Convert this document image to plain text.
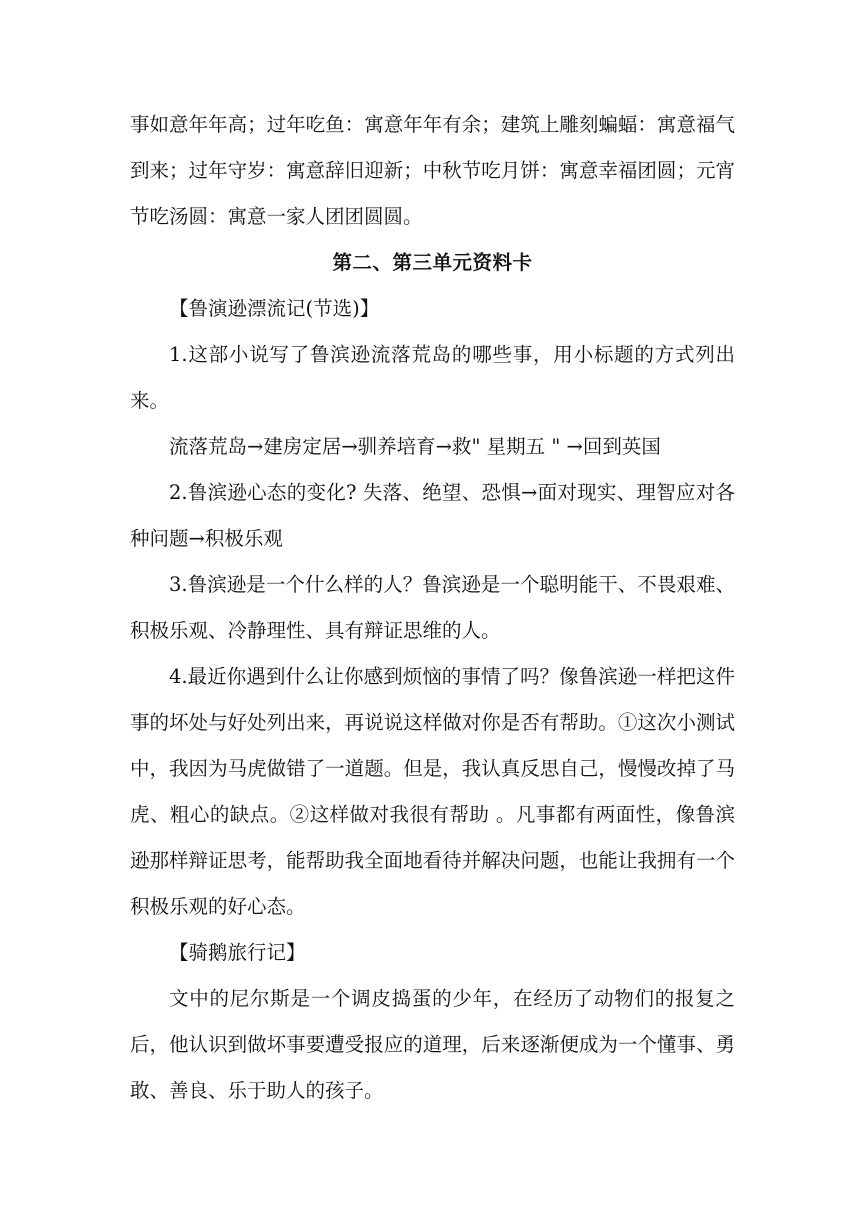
事如意年年高；过年吃鱼：寓意年年有余；建筑上雕刻蝙蝠：寓意福气到来；过年守岁：寓意辞旧迎新；中秋节吃月饼：寓意幸福团圆；元宵节吃汤圆：寓意一家人团团圆圆。

第二、第三单元资料卡

【鲁演逊漂流记(节选)】

1.这部小说写了鲁滨逊流落荒岛的哪些事，用小标题的方式列出来。

流落荒岛→建房定居→驯养培育→救" 星期五 " →回到英国

2.鲁滨逊心态的变化? 失落、绝望、恐惧→面对现实、理智应对各种问题→积极乐观

3.鲁滨逊是一个什么样的人？鲁滨逊是一个聪明能干、不畏艰难、积极乐观、冷静理性、具有辩证思维的人。

4.最近你遇到什么让你感到烦恼的事情了吗？像鲁滨逊一样把这件事的坏处与好处列出来，再说说这样做对你是否有帮助。①这次小测试中，我因为马虎做错了一道题。但是，我认真反思自己，慢慢改掉了马虎、粗心的缺点。②这样做对我很有帮助 。凡事都有两面性，像鲁滨逊那样辩证思考，能帮助我全面地看待并解决问题，也能让我拥有一个积极乐观的好心态。

【骑鹅旅行记】

文中的尼尔斯是一个调皮捣蛋的少年，在经历了动物们的报复之后，他认识到做坏事要遭受报应的道理，后来逐渐便成为一个懂事、勇敢、善良、乐于助人的孩子。
